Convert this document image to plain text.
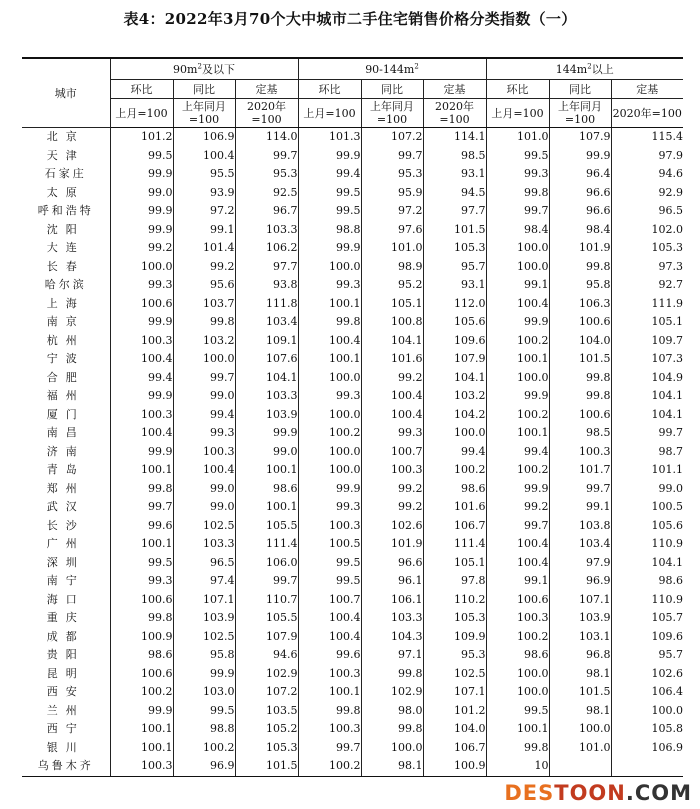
表4：2022年3月70个大中城市二手住宅销售价格分类指数（一）
城市	$90m^2$及以下			$90-144m^2$			$144m^2$以上		
	环比	同比	定基	环比	同比	定基	环比	同比	定基
	上月=100	上年同月=100	2020年=100	上月=100	上年同月=100	2020年=100	上月=100	上年同月=100	2020年=100
北京	101.2	106.9	114.0	101.3	107.2	114.1	101.0	107.9	115.4
天津	99.5	100.4	99.7	99.9	99.7	98.5	99.5	99.9	97.9
石家庄	99.9	95.5	95.3	99.4	95.3	93.1	99.3	96.4	94.6
太原	99.0	93.9	92.5	99.5	95.9	94.5	99.8	96.6	92.9
呼和浩特	99.9	97.2	96.7	99.5	97.2	97.7	99.7	96.6	96.5
沈阳	99.9	99.1	103.3	98.8	97.6	101.5	98.4	98.4	102.0
大连	99.2	101.4	106.2	99.9	101.0	105.3	100.0	101.9	105.3
长春	100.0	99.2	97.7	100.0	98.9	95.7	100.0	99.8	97.3
哈尔滨	99.3	95.6	93.8	99.3	95.2	93.1	99.1	95.8	92.7
上海	100.6	103.7	111.8	100.1	105.1	112.0	100.4	106.3	111.9
南京	99.9	99.8	103.4	99.8	100.8	105.6	99.9	100.6	105.1
杭州	100.3	103.2	109.1	100.4	104.1	109.6	100.2	104.0	109.7
宁波	100.4	100.0	107.6	100.1	101.6	107.9	100.1	101.5	107.3
合肥	99.4	99.7	104.1	100.0	99.2	104.1	100.0	99.8	104.9
福州	99.9	99.0	103.3	99.3	100.4	103.2	99.9	99.8	104.1
厦门	100.3	99.4	103.9	100.0	100.4	104.2	100.2	100.6	104.1
南昌	100.4	99.3	99.9	100.2	99.3	100.0	100.1	98.5	99.7
济南	99.9	100.3	99.0	100.0	100.7	99.4	99.4	100.3	98.7
青岛	100.1	100.4	100.1	100.0	100.3	100.2	100.2	101.7	101.1
郑州	99.8	99.0	98.6	99.9	99.2	98.6	99.9	99.7	99.0
武汉	99.7	99.0	100.1	99.3	99.2	101.6	99.2	99.1	100.5
长沙	99.6	102.5	105.5	100.3	102.6	106.7	99.7	103.8	105.6
广州	100.1	103.3	111.4	100.5	101.9	111.4	100.4	103.4	110.9
深圳	99.5	96.5	106.0	99.5	96.6	105.1	100.4	97.9	104.1
南宁	99.3	97.4	99.7	99.5	96.1	97.8	99.1	96.9	98.6
海口	100.6	107.1	110.7	100.7	106.1	110.2	100.6	107.1	110.9
重庆	99.8	103.9	105.5	100.4	103.3	105.3	100.3	103.9	105.7
成都	100.9	102.5	107.9	100.4	104.3	109.9	100.2	103.1	109.6
贵阳	98.6	95.8	94.6	99.6	97.1	95.3	98.6	96.8	95.7
昆明	100.6	99.9	102.9	100.3	99.8	102.5	100.0	98.1	102.6
西安	100.2	103.0	107.2	100.1	102.9	107.1	100.0	101.5	106.4
兰州	99.9	99.5	103.5	99.8	98.0	101.2	99.5	98.1	100.0
西宁	100.1	98.8	105.2	100.3	99.8	104.0	100.1	100.0	105.8
银川	100.1	100.2	105.3	99.7	100.0	106.7	99.8	101.0	106.9
乌鲁木齐	100.3	96.9	101.5	100.2	98.1	100.9	10		
DESTOON.COM
